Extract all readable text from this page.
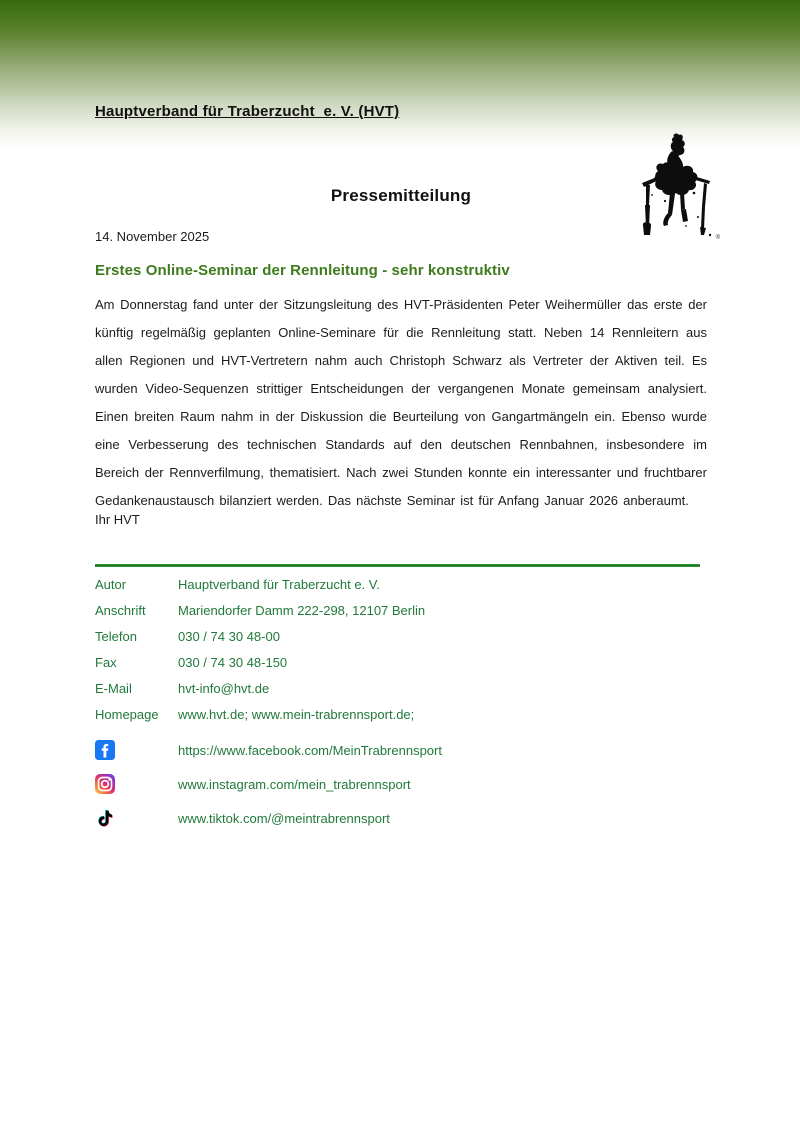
Hauptverband für Traberzucht  e. V. (HVT)
®
Pressemitteilung
14. November 2025
Erstes Online-Seminar der Rennleitung - sehr konstruktiv

Am Donnerstag fand unter der Sitzungsleitung des HVT-Präsidenten Peter Weihermüller das erste der künftig regelmäßig geplanten Online-Seminare für die Rennleitung statt. Neben 14 Rennleitern aus allen Regionen und HVT-Vertretern nahm auch Christoph Schwarz als Vertreter der Aktiven teil. Es wurden Video-Sequenzen strittiger Entscheidungen der vergangenen Monate gemeinsam analysiert. Einen breiten Raum nahm in der Diskussion die Beurteilung von Gangartmängeln ein. Ebenso wurde eine Verbesserung des technischen Standards auf den deutschen Rennbahnen, insbesondere im Bereich der Rennverfilmung, thematisiert. Nach zwei Stunden konnte ein interessanter und fruchtbarer Gedankenaustausch bilanziert werden. Das nächste Seminar ist für Anfang Januar 2026 anberaumt.

Ihr HVT
Autor	Hauptverband für Traberzucht e. V.
Anschrift	Mariendorfer Damm 222-298, 12107 Berlin
Telefon	030 / 74 30 48-00
Fax	030 / 74 30 48-150
E-Mail	hvt-info@hvt.de
Homepage	www.hvt.de; www.mein-trabrennsport.de;
https://www.facebook.com/MeinTrabrennsport
www.instagram.com/mein_trabrennsport
www.tiktok.com/@meintrabrennsport
